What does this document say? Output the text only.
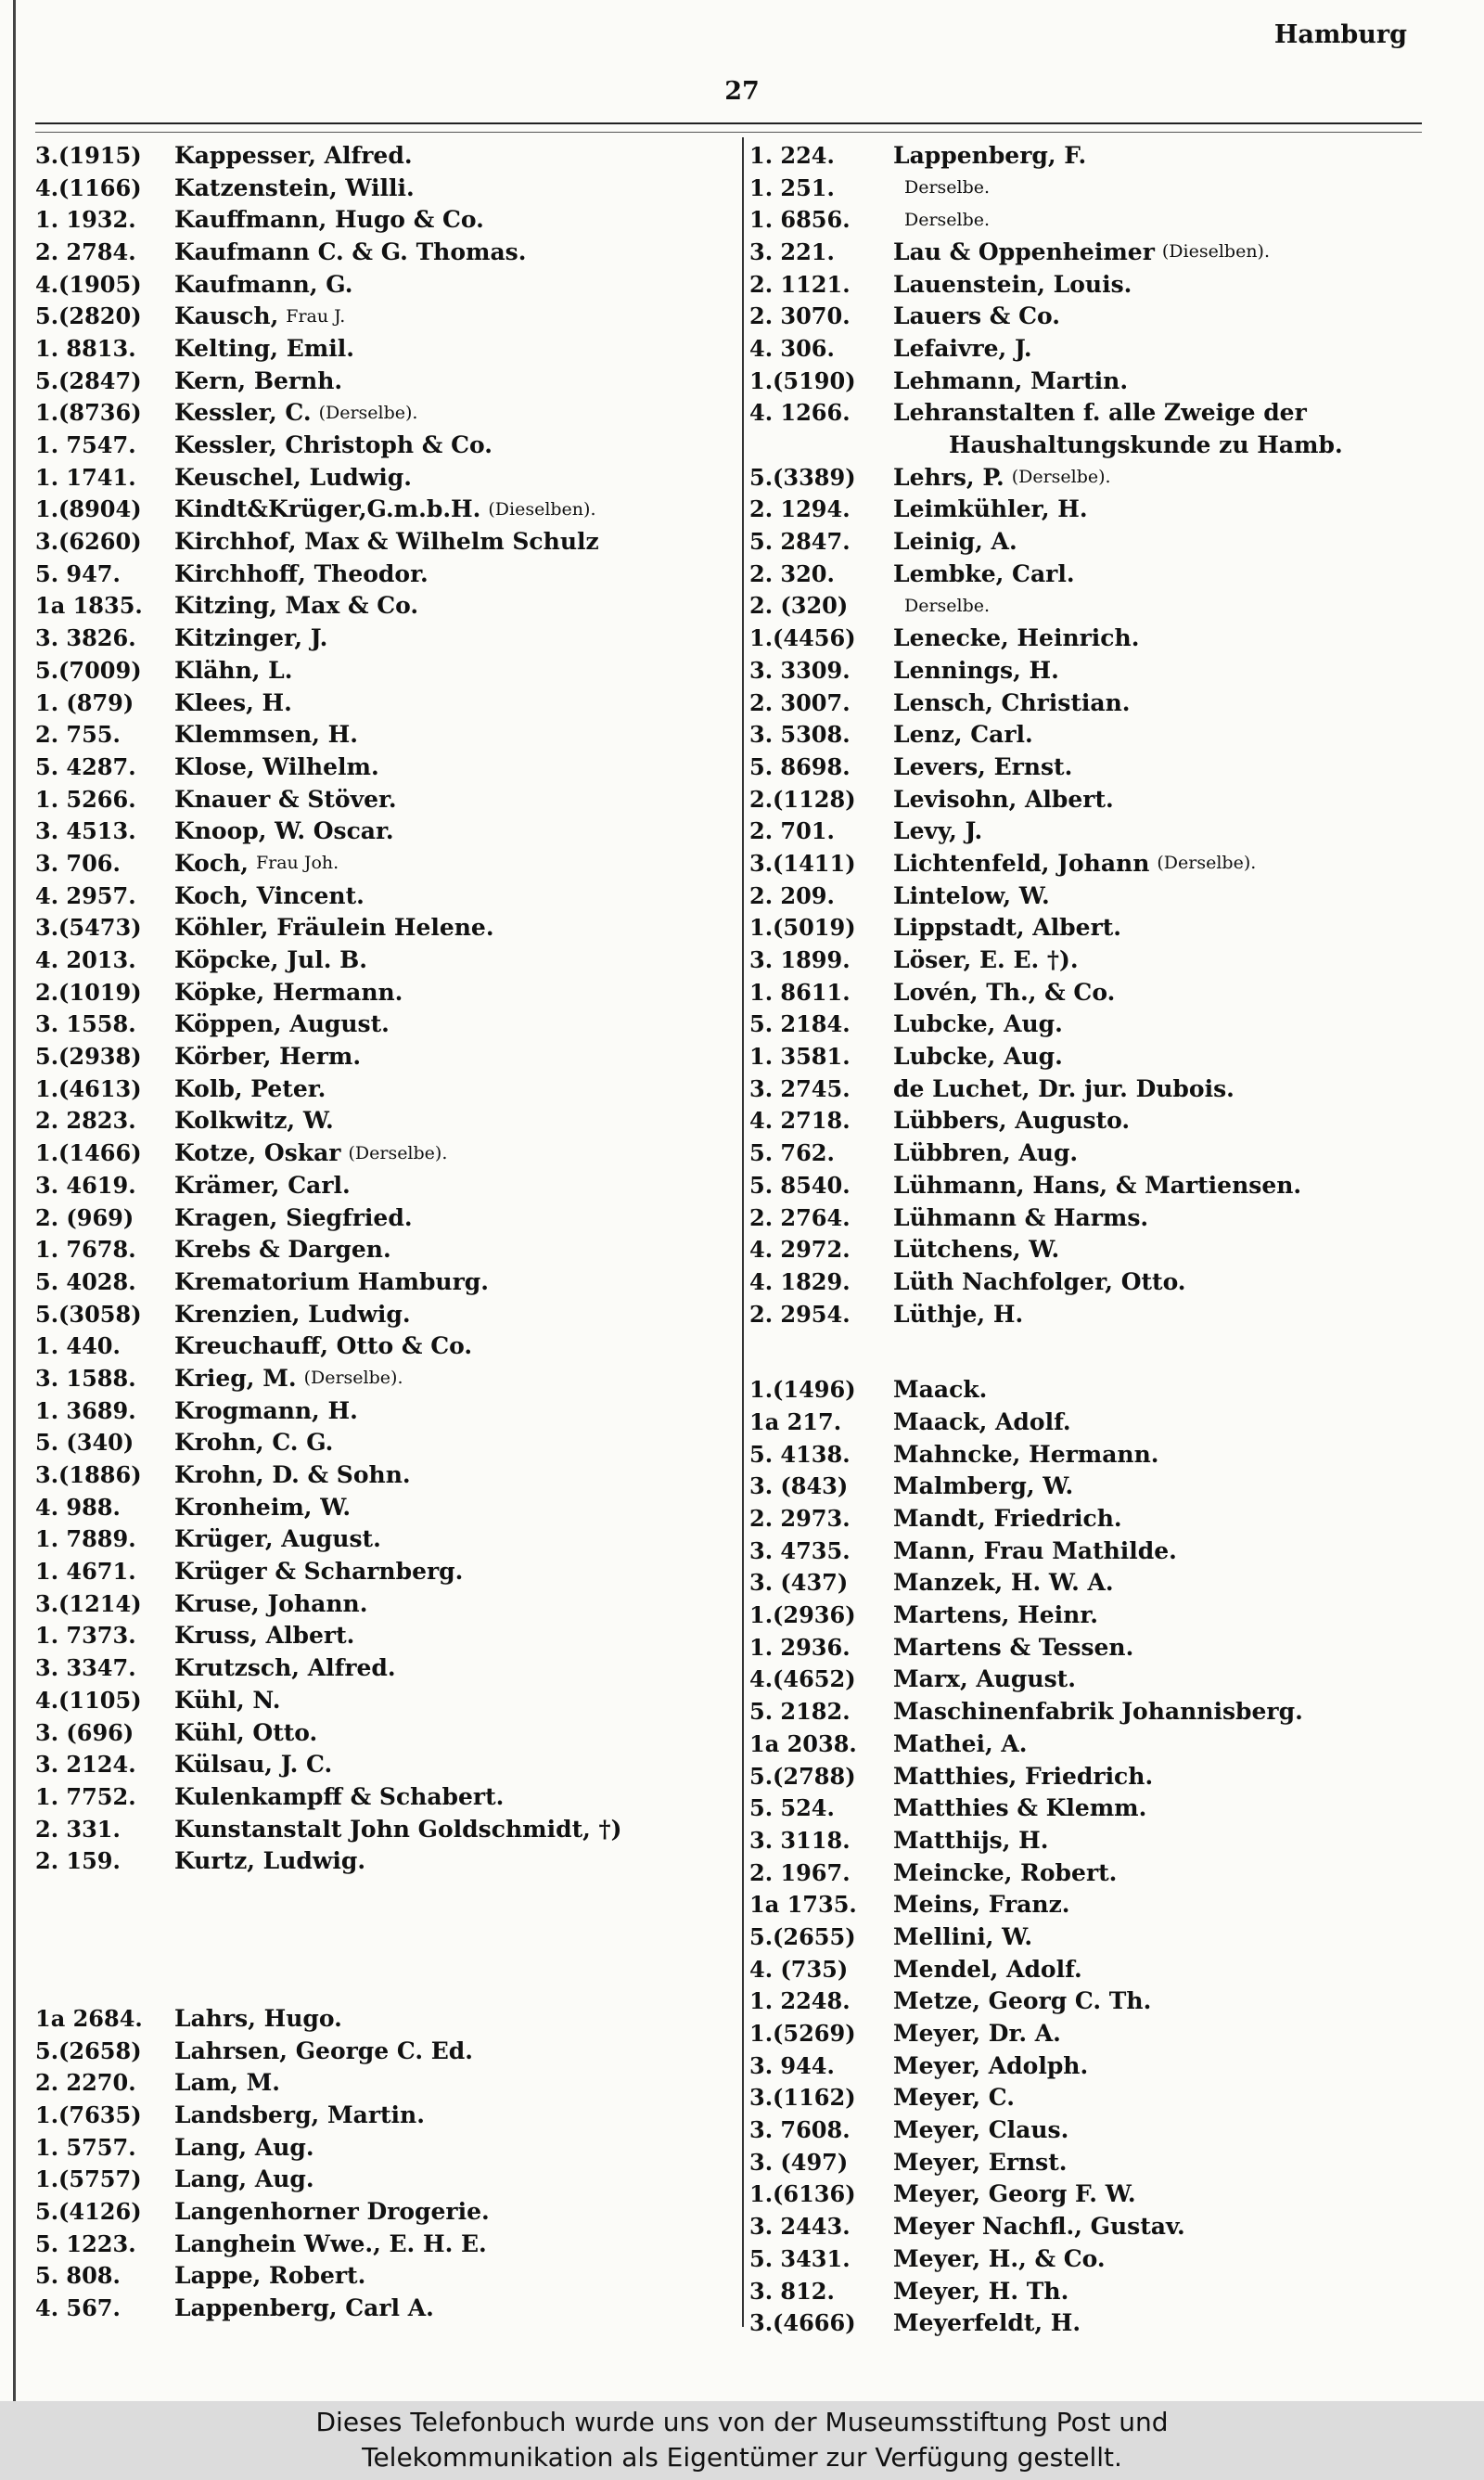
Hamburg
27
3.(1915)	Kappesser, Alfred.
4.(1166)	Katzenstein, Willi.
1. 1932.	Kauffmann, Hugo & Co.
2. 2784.	Kaufmann C. & G. Thomas.
4.(1905)	Kaufmann, G.
5.(2820)	Kausch, Frau J.
1. 8813.	Kelting, Emil.
5.(2847)	Kern, Bernh.
1.(8736)	Kessler, C. (Derselbe).
1. 7547.	Kessler, Christoph & Co.
1. 1741.	Keuschel, Ludwig.
1.(8904)	Kindt&Krüger,G.m.b.H. (Dieselben).
3.(6260)	Kirchhof, Max & Wilhelm Schulz
5. 947.	Kirchhoff, Theodor.
1a 1835.	Kitzing, Max & Co.
3. 3826.	Kitzinger, J.
5.(7009)	Klähn, L.
1. (879)	Klees, H.
2. 755.	Klemmsen, H.
5. 4287.	Klose, Wilhelm.
1. 5266.	Knauer & Stöver.
3. 4513.	Knoop, W. Oscar.
3. 706.	Koch, Frau Joh.
4. 2957.	Koch, Vincent.
3.(5473)	Köhler, Fräulein Helene.
4. 2013.	Köpcke, Jul. B.
2.(1019)	Köpke, Hermann.
3. 1558.	Köppen, August.
5.(2938)	Körber, Herm.
1.(4613)	Kolb, Peter.
2. 2823.	Kolkwitz, W.
1.(1466)	Kotze, Oskar (Derselbe).
3. 4619.	Krämer, Carl.
2. (969)	Kragen, Siegfried.
1. 7678.	Krebs & Dargen.
5. 4028.	Krematorium Hamburg.
5.(3058)	Krenzien, Ludwig.
1. 440.	Kreuchauff, Otto & Co.
3. 1588.	Krieg, M. (Derselbe).
1. 3689.	Krogmann, H.
5. (340)	Krohn, C. G.
3.(1886)	Krohn, D. & Sohn.
4. 988.	Kronheim, W.
1. 7889.	Krüger, August.
1. 4671.	Krüger & Scharnberg.
3.(1214)	Kruse, Johann.
1. 7373.	Kruss, Albert.
3. 3347.	Krutzsch, Alfred.
4.(1105)	Kühl, N.
3. (696)	Kühl, Otto.
3. 2124.	Külsau, J. C.
1. 7752.	Kulenkampff & Schabert.
2. 331.	Kunstanstalt John Goldschmidt, †)
2. 159.	Kurtz, Ludwig.
1a 2684.	Lahrs, Hugo.
5.(2658)	Lahrsen, George C. Ed.
2. 2270.	Lam, M.
1.(7635)	Landsberg, Martin.
1. 5757.	Lang, Aug.
1.(5757)	Lang, Aug.
5.(4126)	Langenhorner Drogerie.
5. 1223.	Langhein Wwe., E. H. E.
5. 808.	Lappe, Robert.
4. 567.	Lappenberg, Carl A.
1. 224.	Lappenberg, F.
1. 251.	Derselbe.
1. 6856.	Derselbe.
3. 221.	Lau & Oppenheimer (Dieselben).
2. 1121.	Lauenstein, Louis.
2. 3070.	Lauers & Co.
4. 306.	Lefaivre, J.
1.(5190)	Lehmann, Martin.
4. 1266.	Lehranstalten f. alle Zweige der
Haushaltungskunde zu Hamb.
5.(3389)	Lehrs, P. (Derselbe).
2. 1294.	Leimkühler, H.
5. 2847.	Leinig, A.
2. 320.	Lembke, Carl.
2. (320)	Derselbe.
1.(4456)	Lenecke, Heinrich.
3. 3309.	Lennings, H.
2. 3007.	Lensch, Christian.
3. 5308.	Lenz, Carl.
5. 8698.	Levers, Ernst.
2.(1128)	Levisohn, Albert.
2. 701.	Levy, J.
3.(1411)	Lichtenfeld, Johann (Derselbe).
2. 209.	Lintelow, W.
1.(5019)	Lippstadt, Albert.
3. 1899.	Löser, E. E. †).
1. 8611.	Lovén, Th., & Co.
5. 2184.	Lubcke, Aug.
1. 3581.	Lubcke, Aug.
3. 2745.	de Luchet, Dr. jur. Dubois.
4. 2718.	Lübbers, Augusto.
5. 762.	Lübbren, Aug.
5. 8540.	Lühmann, Hans, & Martiensen.
2. 2764.	Lühmann & Harms.
4. 2972.	Lütchens, W.
4. 1829.	Lüth Nachfolger, Otto.
2. 2954.	Lüthje, H.
1.(1496)	Maack.
1a 217.	Maack, Adolf.
5. 4138.	Mahncke, Hermann.
3. (843)	Malmberg, W.
2. 2973.	Mandt, Friedrich.
3. 4735.	Mann, Frau Mathilde.
3. (437)	Manzek, H. W. A.
1.(2936)	Martens, Heinr.
1. 2936.	Martens & Tessen.
4.(4652)	Marx, August.
5. 2182.	Maschinenfabrik Johannisberg.
1a 2038.	Mathei, A.
5.(2788)	Matthies, Friedrich.
5. 524.	Matthies & Klemm.
3. 3118.	Matthijs, H.
2. 1967.	Meincke, Robert.
1a 1735.	Meins, Franz.
5.(2655)	Mellini, W.
4. (735)	Mendel, Adolf.
1. 2248.	Metze, Georg C. Th.
1.(5269)	Meyer, Dr. A.
3. 944.	Meyer, Adolph.
3.(1162)	Meyer, C.
3. 7608.	Meyer, Claus.
3. (497)	Meyer, Ernst.
1.(6136)	Meyer, Georg F. W.
3. 2443.	Meyer Nachfl., Gustav.
5. 3431.	Meyer, H., & Co.
3. 812.	Meyer, H. Th.
3.(4666)	Meyerfeldt, H.
Dieses Telefonbuch wurde uns von der Museumsstiftung Post und
Telekommunikation als Eigentümer zur Verfügung gestellt.
